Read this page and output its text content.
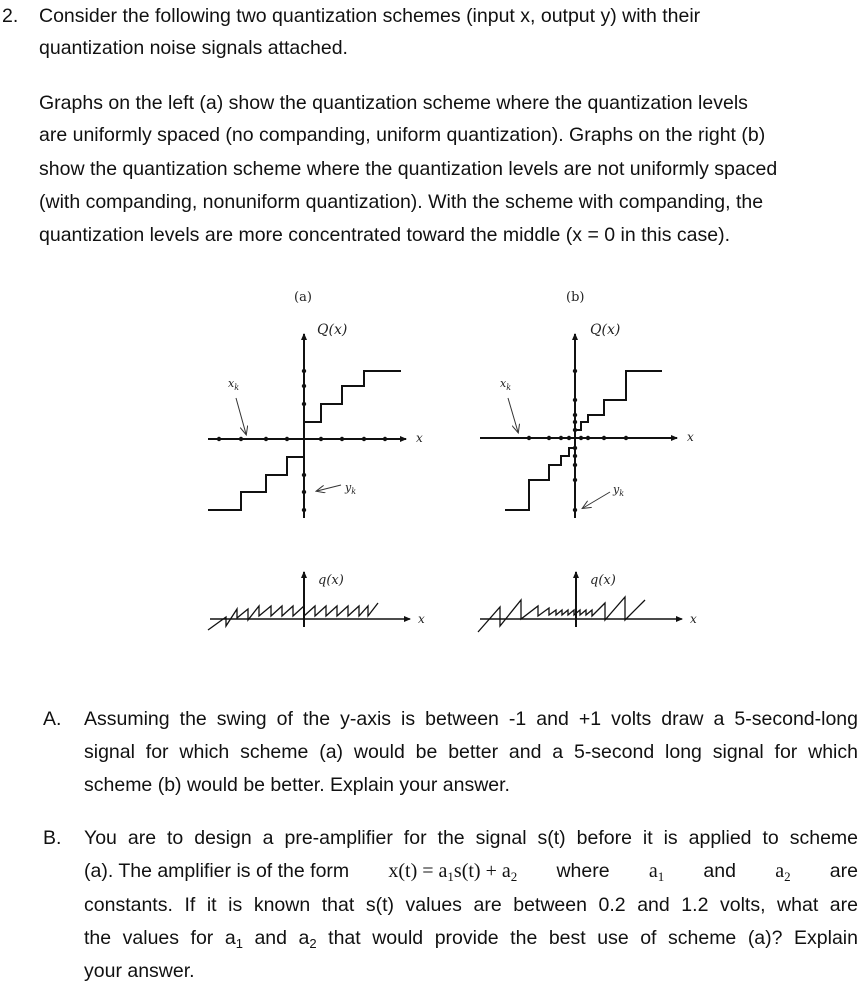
2. Consider the following two quantization schemes (input x, output y) with their
quantization noise signals attached.
Graphs on the left (a) show the quantization scheme where the quantization levels
are uniformly spaced (no companding, uniform quantization). Graphs on the right (b)
show the quantization scheme where the quantization levels are not uniformly spaced
(with companding, nonuniform quantization). With the scheme with companding, the
quantization levels are more concentrated toward the middle (x = 0 in this case).
(a)
Q(x)
x
$x_k$
$y_k$
q(x)
x
(b)
Q(x)
x
$x_k$
$y_k$
q(x)
x
A. Assuming the swing of the y-axis is between -1 and +1 volts draw a 5-second-long
signal for which scheme (a) would be better and a 5-second long signal for which
scheme (b) would be better. Explain your answer.
B. You are to design a pre-amplifier for the signal s(t) before it is applied to scheme
(a). The amplifier is of the form $x(t) = a_1s(t) + a_2$ where $a_1$ and $a_2$ are
constants. If it is known that s(t) values are between 0.2 and 1.2 volts, what are
the values for $a_1$ and $a_2$ that would provide the best use of scheme (a)? Explain
your answer.
